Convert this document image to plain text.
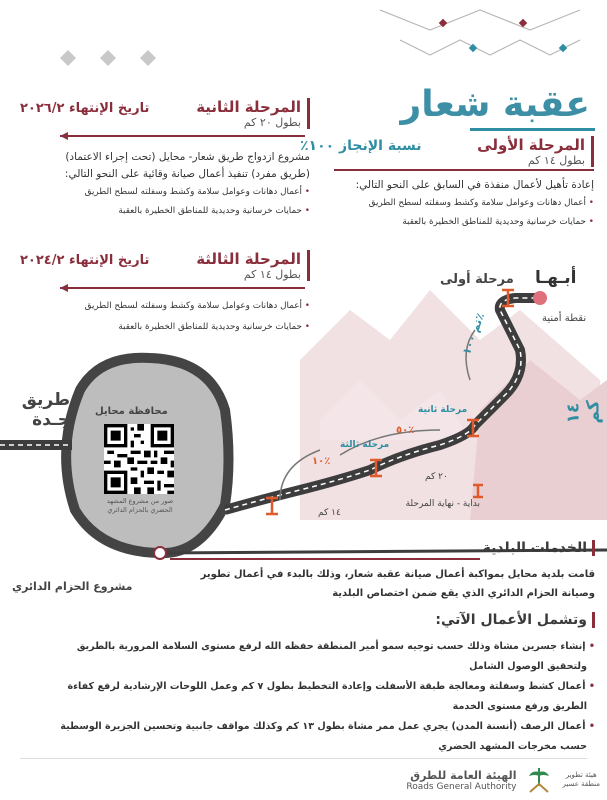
عقبة شعار
المرحلة الأولى
نسبة الإنجاز ١٠٠٪
بطول ١٤ كم
إعادة تأهيل لأعمال منفذة في السابق على النحو التالي:
• أعمال دهانات وعوامل سلامة وكشط وسفلته لسطح الطريق
• حمايات خرسانية وحديدية للمناطق الخطيرة بالعقبة
المرحلة الثانية
تاريخ الإنتهاء ٢٠٢٦/٢
بطول ٢٠ كم
مشروع ازدواج طريق شعار- محايل (تحت إجراء الاعتماد)
(طريق مفرد) تنفيذ أعمال صيانة وقائية على النحو التالي:
• أعمال دهانات وعوامل سلامة وكشط وسفلته لسطح الطريق
• حمايات خرسانية وحديدية للمناطق الخطيرة بالعقبة
المرحلة الثالثة
تاريخ الإنتهاء ٢٠٢٤/٢
بطول ١٤ كم
• أعمال دهانات وعوامل سلامة وكشط وسفلته لسطح الطريق
• حمايات خرسانية وحديدية للمناطق الخطيرة بالعقبة
أبـهـا
مرحلة أولى
نقطة أمنية
تم ١٠٠٪
١٤ كم
مرحلة ثانية
٥٠٪
مرحلة ثالثة
١٠٪
٢٠ كم
١٤ كم
بداية - نهاية المرحلة
طريق جـدة	محافظة محايل
صور من مشروع المشهد
الحضري بالحزام الدائري
مشروع الحزام الدائري
الخدمات البلدية
قامت بلدية محايل بمواكبة أعمال صيانة عقبة شعار، وذلك بالبدء في أعمال تطوير
وصيانة الحزام الدائري الذي يقع ضمن اختصاص البلدية
وتشمل الأعمال الآتي:
• إنشاء جسرين مشاة وذلك حسب توجيه سمو أمير المنطقة حفظه الله لرفع مستوى السلامة المرورية بالطريق
ولتحقيق الوصول الشامل
• أعمال كشط وسفلتة ومعالجة طبقة الأسفلت وإعادة التخطيط بطول ٧ كم وعمل اللوحات الإرشادية لرفع كفاءة
الطريق ورفع مستوى الخدمة
• أعمال الرصف (أنسنة المدن) يجري عمل ممر مشاة بطول ١٣ كم وكذلك مواقف جانبية وتحسين الجزيرة الوسطية
حسب مخرجات المشهد الحضري
الهيئة العامة للطرق
Roads General Authority
هيئة تطوير
منطقة عسير
